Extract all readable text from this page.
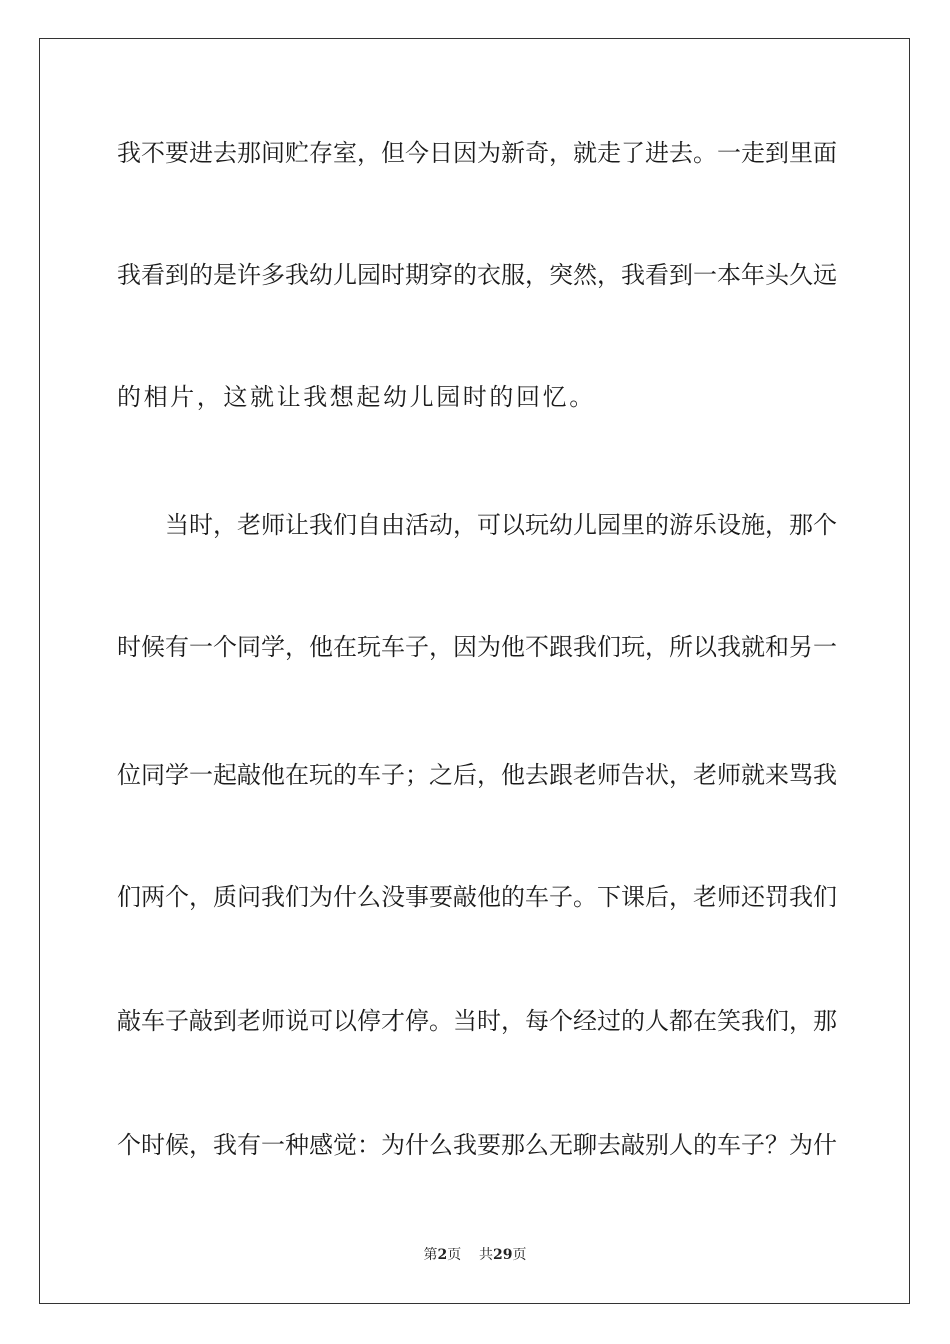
我不要进去那间贮存室，但今日因为新奇，就走了进去。一走到里面
我看到的是许多我幼儿园时期穿的衣服，突然，我看到一本年头久远
的相片，这就让我想起幼儿园时的回忆。
当时，老师让我们自由活动，可以玩幼儿园里的游乐设施，那个
时候有一个同学，他在玩车子，因为他不跟我们玩，所以我就和另一
位同学一起敲他在玩的车子；之后，他去跟老师告状，老师就来骂我
们两个，质问我们为什么没事要敲他的车子。下课后，老师还罚我们
敲车子敲到老师说可以停才停。当时，每个经过的人都在笑我们，那
个时候，我有一种感觉：为什么我要那么无聊去敲别人的车子？为什
第2页 共29页
